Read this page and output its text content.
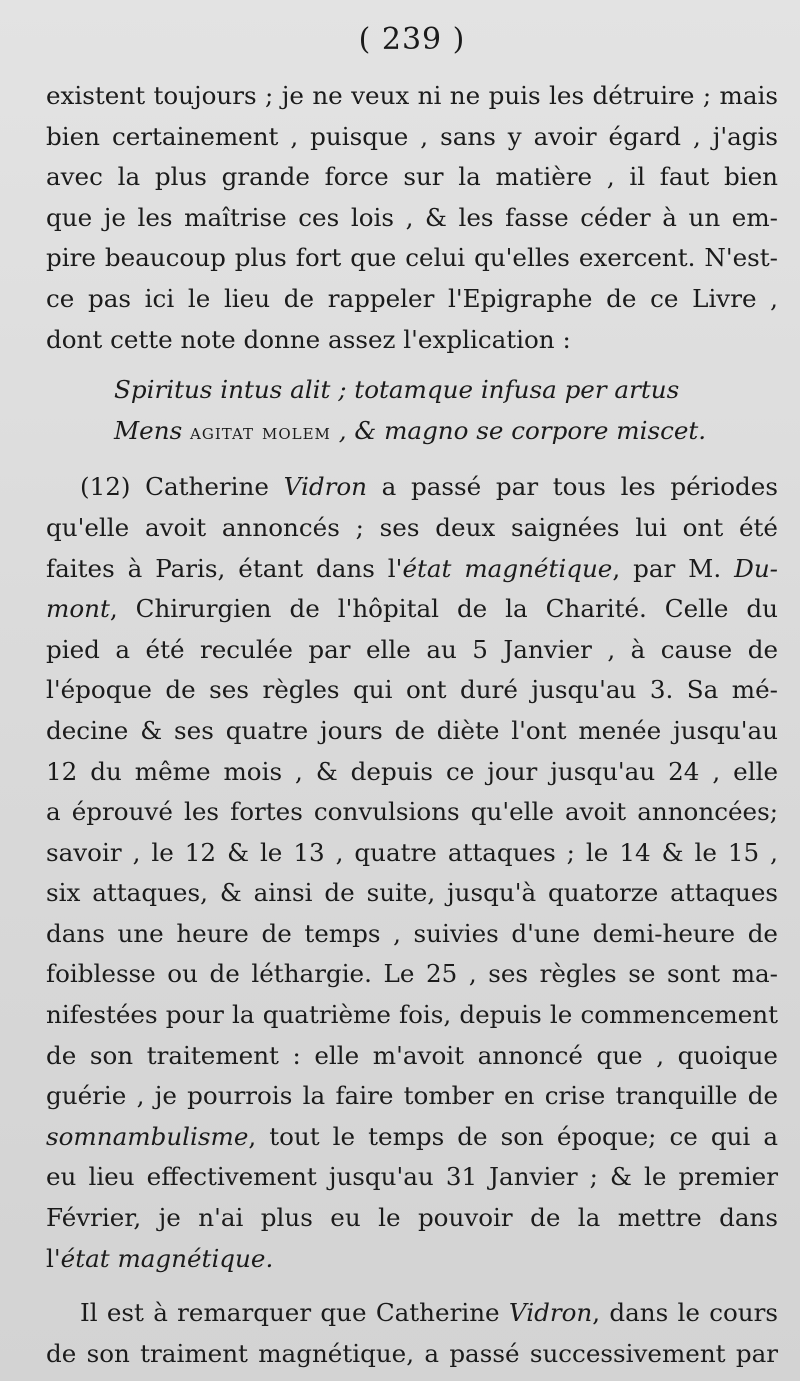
( 239 )
existent toujours ; je ne veux ni ne puis les détruire ; mais
bien certainement , puisque , sans y avoir égard , j'agis
avec la plus grande force sur la matière , il faut bien
que je les maîtrise ces lois , & les fasse céder à un em-
pire beaucoup plus fort que celui qu'elles exercent. N'est-
ce pas ici le lieu de rappeler l'Epigraphe de ce Livre ,
dont cette note donne assez l'explication :
Spiritus intus alit ; totamque infusa per artus
Mens agitat molem , & magno se corpore miscet.
(12) Catherine Vidron a passé par tous les périodes
qu'elle avoit annoncés ; ses deux saignées lui ont été
faites à Paris, étant dans l'état magnétique, par M. Du-
mont, Chirurgien de l'hôpital de la Charité. Celle du
pied a été reculée par elle au 5 Janvier , à cause de
l'époque de ses règles qui ont duré jusqu'au 3. Sa mé-
decine & ses quatre jours de diète l'ont menée jusqu'au
12 du même mois , & depuis ce jour jusqu'au 24 , elle
a éprouvé les fortes convulsions qu'elle avoit annoncées;
savoir , le 12 & le 13 , quatre attaques ; le 14 & le 15 ,
six attaques, & ainsi de suite, jusqu'à quatorze attaques
dans une heure de temps , suivies d'une demi-heure de
foiblesse ou de léthargie. Le 25 , ses règles se sont ma-
nifestées pour la quatrième fois, depuis le commencement
de son traitement : elle m'avoit annoncé que , quoique
guérie , je pourrois la faire tomber en crise tranquille de
somnambulisme, tout le temps de son époque; ce qui a
eu lieu effectivement jusqu'au 31 Janvier ; & le premier
Février, je n'ai plus eu le pouvoir de la mettre dans
l'état magnétique.
Il est à remarquer que Catherine Vidron, dans le cours
de son traiment magnétique, a passé successivement par
